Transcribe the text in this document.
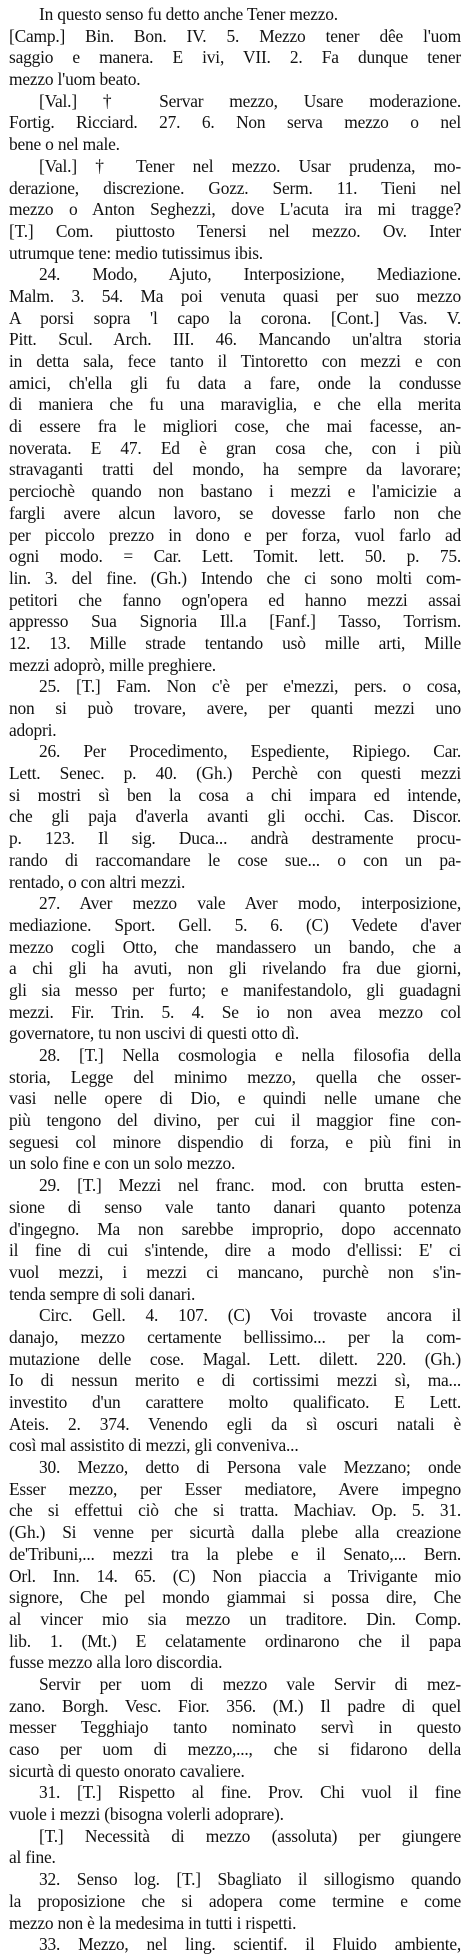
In questo senso fu detto anche Tener mezzo.
[Camp.] Bin. Bon. IV. 5. Mezzo tener dêe l'uom
saggio e manera. E ivi, VII. 2. Fa dunque tener
mezzo l'uom beato.
[Val.] † Servar mezzo, Usare moderazione.
Fortig. Ricciard. 27. 6. Non serva mezzo o nel
bene o nel male.
[Val.] † Tener nel mezzo. Usar prudenza, mo-
derazione, discrezione. Gozz. Serm. 11. Tieni nel
mezzo o Anton Seghezzi, dove L'acuta ira mi tragge?
[T.] Com. piuttosto Tenersi nel mezzo. Ov. Inter
utrumque tene: medio tutissimus ibis.
24. Modo, Ajuto, Interposizione, Mediazione.
Malm. 3. 54. Ma poi venuta quasi per suo mezzo
A porsi sopra 'l capo la corona. [Cont.] Vas. V.
Pitt. Scul. Arch. III. 46. Mancando un'altra storia
in detta sala, fece tanto il Tintoretto con mezzi e con
amici, ch'ella gli fu data a fare, onde la condusse
di maniera che fu una maraviglia, e che ella merita
di essere fra le migliori cose, che mai facesse, an-
noverata. E 47. Ed è gran cosa che, con i più
stravaganti tratti del mondo, ha sempre da lavorare;
perciochè quando non bastano i mezzi e l'amicizie a
fargli avere alcun lavoro, se dovesse farlo non che
per piccolo prezzo in dono e per forza, vuol farlo ad
ogni modo. = Car. Lett. Tomit. lett. 50. p. 75.
lin. 3. del fine. (Gh.) Intendo che ci sono molti com-
petitori che fanno ogn'opera ed hanno mezzi assai
appresso Sua Signoria Ill.a [Fanf.] Tasso, Torrism.
12. 13. Mille strade tentando usò mille arti, Mille
mezzi adoprò, mille preghiere.
25. [T.] Fam. Non c'è per e'mezzi, pers. o cosa,
non si può trovare, avere, per quanti mezzi uno
adopri.
26. Per Procedimento, Espediente, Ripiego. Car.
Lett. Senec. p. 40. (Gh.) Perchè con questi mezzi
si mostri sì ben la cosa a chi impara ed intende,
che gli paja d'averla avanti gli occhi. Cas. Discor.
p. 123. Il sig. Duca... andrà destramente procu-
rando di raccomandare le cose sue... o con un pa-
rentado, o con altri mezzi.
27. Aver mezzo vale Aver modo, interposizione,
mediazione. Sport. Gell. 5. 6. (C) Vedete d'aver
mezzo cogli Otto, che mandassero un bando, che a
a chi gli ha avuti, non gli rivelando fra due giorni,
gli sia messo per furto; e manifestandolo, gli guadagni
mezzi. Fir. Trin. 5. 4. Se io non avea mezzo col
governatore, tu non uscivi di questi otto dì.
28. [T.] Nella cosmologia e nella filosofia della
storia, Legge del minimo mezzo, quella che osser-
vasi nelle opere di Dio, e quindi nelle umane che
più tengono del divino, per cui il maggior fine con-
seguesi col minore dispendio di forza, e più fini in
un solo fine e con un solo mezzo.
29. [T.] Mezzi nel franc. mod. con brutta esten-
sione di senso vale tanto danari quanto potenza
d'ingegno. Ma non sarebbe improprio, dopo accennato
il fine di cui s'intende, dire a modo d'ellissi: E' ci
vuol mezzi, i mezzi ci mancano, purchè non s'in-
tenda sempre di soli danari.
Circ. Gell. 4. 107. (C) Voi trovaste ancora il
danajo, mezzo certamente bellissimo... per la com-
mutazione delle cose. Magal. Lett. dilett. 220. (Gh.)
Io di nessun merito e di cortissimi mezzi sì, ma...
investito d'un carattere molto qualificato. E Lett.
Ateis. 2. 374. Venendo egli da sì oscuri natali è
così mal assistito di mezzi, gli conveniva...
30. Mezzo, detto di Persona vale Mezzano; onde
Esser mezzo, per Esser mediatore, Avere impegno
che si effettui ciò che si tratta. Machiav. Op. 5. 31.
(Gh.) Si venne per sicurtà dalla plebe alla creazione
de'Tribuni,... mezzi tra la plebe e il Senato,... Bern.
Orl. Inn. 14. 65. (C) Non piaccia a Trivigante mio
signore, Che pel mondo giammai si possa dire, Che
al vincer mio sia mezzo un traditore. Din. Comp.
lib. 1. (Mt.) E celatamente ordinarono che il papa
fusse mezzo alla loro discordia.
Servir per uom di mezzo vale Servir di mez-
zano. Borgh. Vesc. Fior. 356. (M.) Il padre di quel
messer Tegghiajo tanto nominato servì in questo
caso per uom di mezzo,..., che si fidarono della
sicurtà di questo onorato cavaliere.
31. [T.] Rispetto al fine. Prov. Chi vuol il fine
vuole i mezzi (bisogna volerli adoprare).
[T.] Necessità di mezzo (assoluta) per giungere
al fine.
32. Senso log. [T.] Sbagliato il sillogismo quando
la proposizione che si adopera come termine e come
mezzo non è la medesima in tutti i rispetti.
33. Mezzo, nel ling. scientif. il Fluido ambiente,
